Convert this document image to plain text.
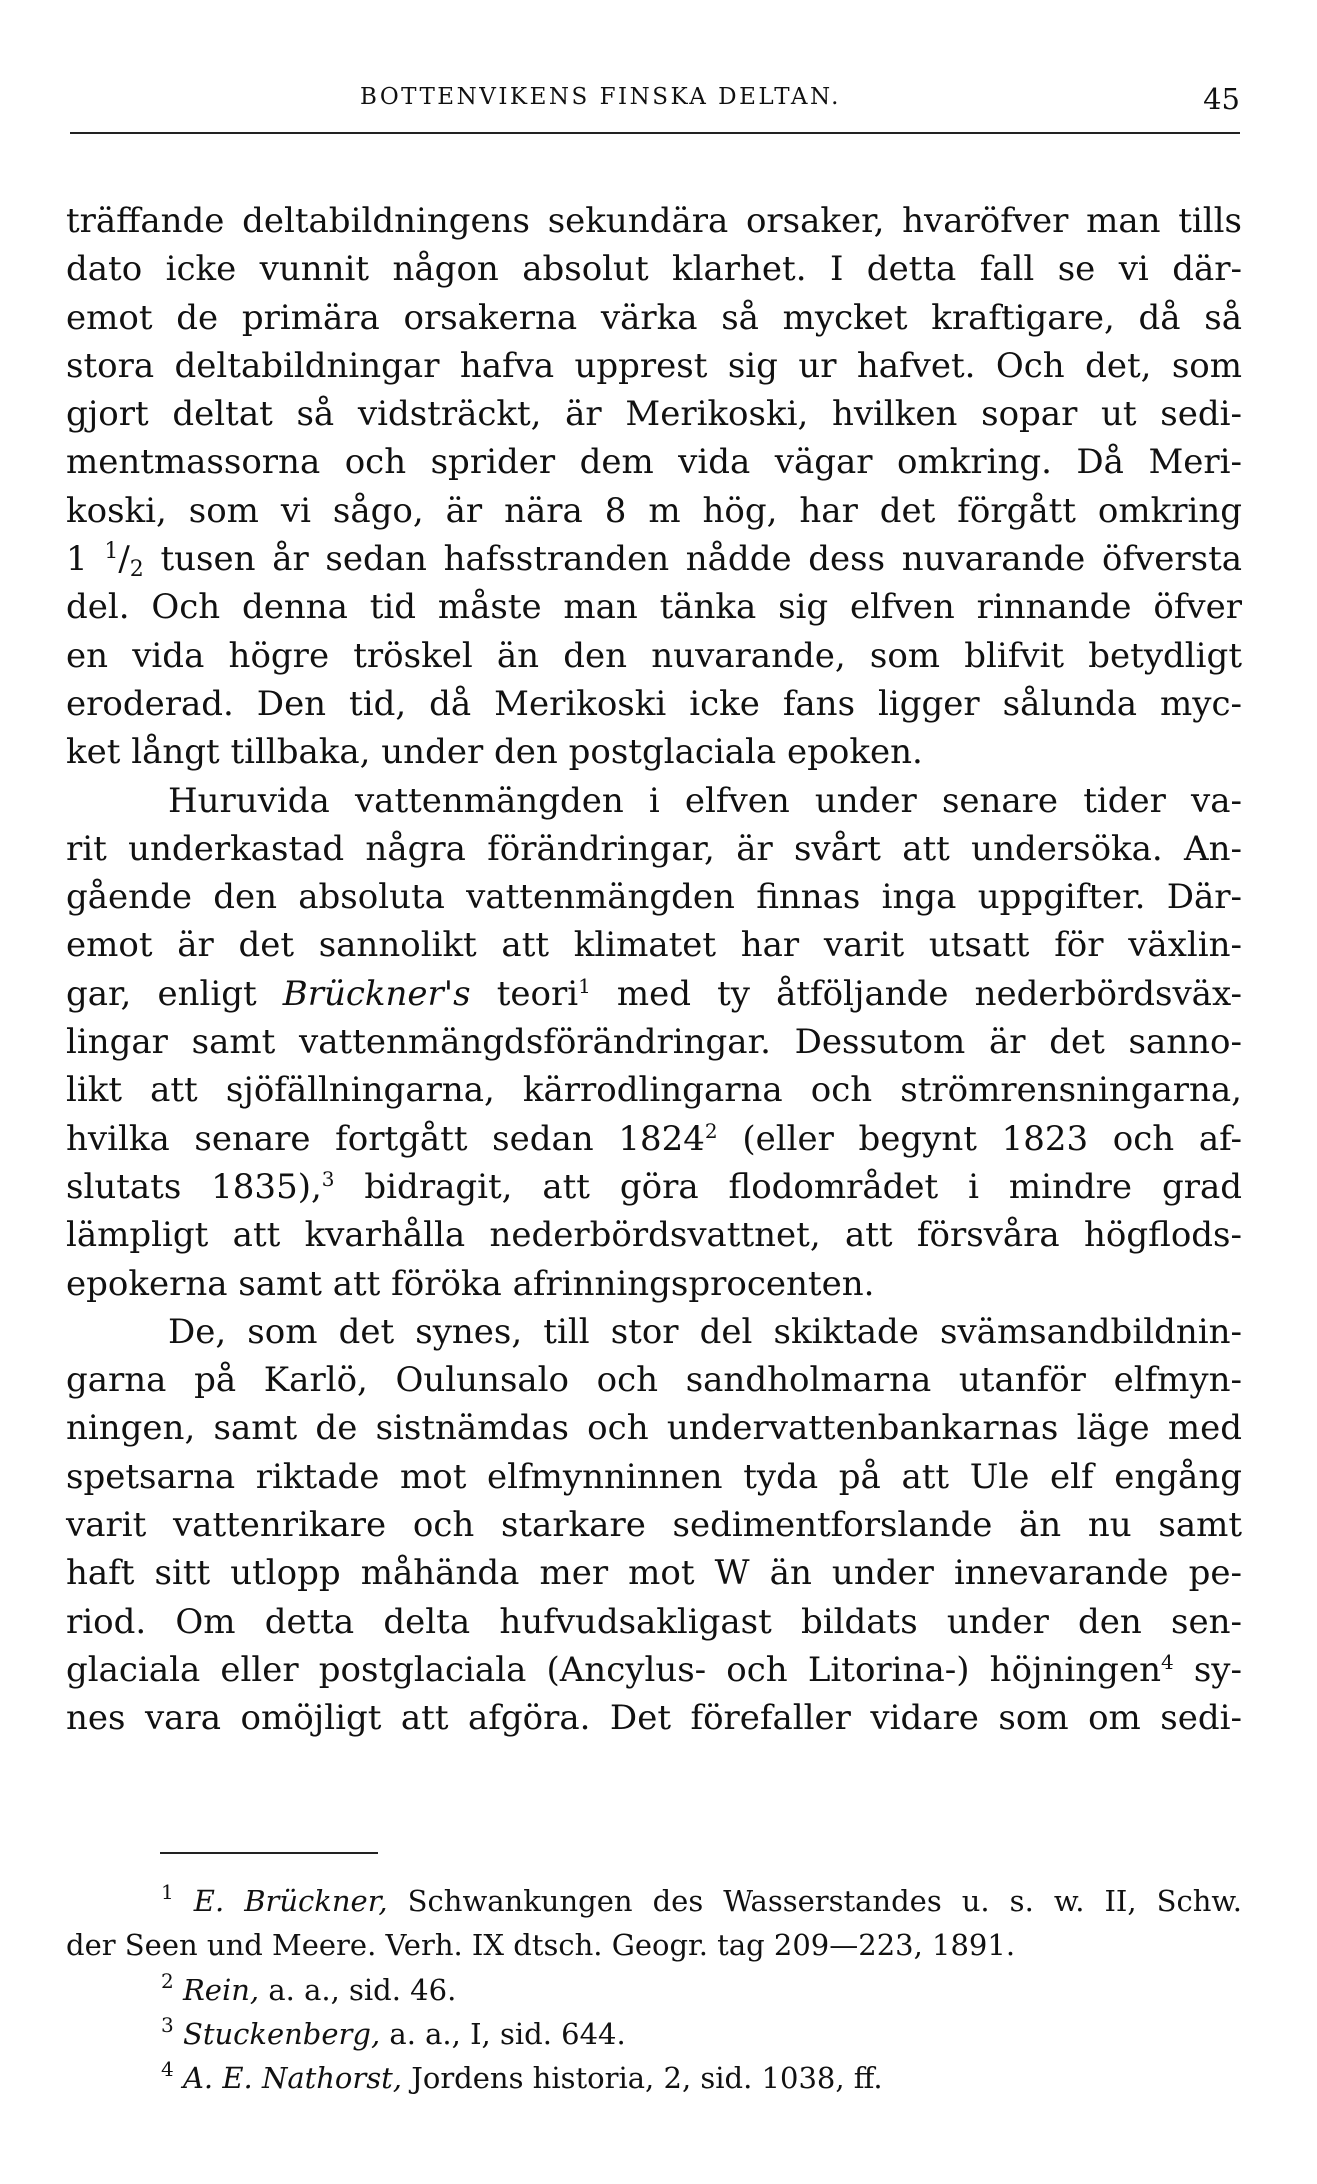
BOTTENVIKENS FINSKA DELTAN.	45
träffande deltabildningens sekundära orsaker, hvaröfver man tills
dato icke vunnit någon absolut klarhet. I detta fall se vi där-
emot de primära orsakerna värka så mycket kraftigare, då så
stora deltabildningar hafva upprest sig ur hafvet. Och det, som
gjort deltat så vidsträckt, är Merikoski, hvilken sopar ut sedi-
mentmassorna och sprider dem vida vägar omkring. Då Meri-
koski, som vi sågo, är nära 8 m hög, har det förgått omkring
1 $^1/_2$ tusen år sedan hafsstranden nådde dess nuvarande öfversta
del. Och denna tid måste man tänka sig elfven rinnande öfver
en vida högre tröskel än den nuvarande, som blifvit betydligt
eroderad. Den tid, då Merikoski icke fans ligger sålunda myc-
ket långt tillbaka, under den postglaciala epoken.
Huruvida vattenmängden i elfven under senare tider va-
rit underkastad några förändringar, är svårt att undersöka. An-
gående den absoluta vattenmängden finnas inga uppgifter. Där-
emot är det sannolikt att klimatet har varit utsatt för växlin-
gar, enligt Brückner's teori$^1$ med ty åtföljande nederbördsväx-
lingar samt vattenmängdsförändringar. Dessutom är det sanno-
likt att sjöfällningarna, kärrodlingarna och strömrensningarna,
hvilka senare fortgått sedan 1824$^2$ (eller begynt 1823 och af-
slutats 1835),$^3$ bidragit, att göra flodområdet i mindre grad
lämpligt att kvarhålla nederbördsvattnet, att försvåra högflods-
epokerna samt att föröka afrinningsprocenten.
De, som det synes, till stor del skiktade svämsandbildnin-
garna på Karlö, Oulunsalo och sandholmarna utanför elfmyn-
ningen, samt de sistnämdas och undervattenbankarnas läge med
spetsarna riktade mot elfmynninnen tyda på att Ule elf engång
varit vattenrikare och starkare sedimentforslande än nu samt
haft sitt utlopp måhända mer mot W än under innevarande pe-
riod. Om detta delta hufvudsakligast bildats under den sen-
glaciala eller postglaciala (Ancylus- och Litorina-) höjningen$^4$ sy-
nes vara omöjligt att afgöra. Det förefaller vidare som om sedi-
$^1$ E. Brückner, Schwankungen des Wasserstandes u. s. w. II, Schw.
der Seen und Meere. Verh. IX dtsch. Geogr. tag 209—223, 1891.
$^2$ Rein, a. a., sid. 46.
$^3$ Stuckenberg, a. a., I, sid. 644.
$^4$ A. E. Nathorst, Jordens historia, 2, sid. 1038, ff.
